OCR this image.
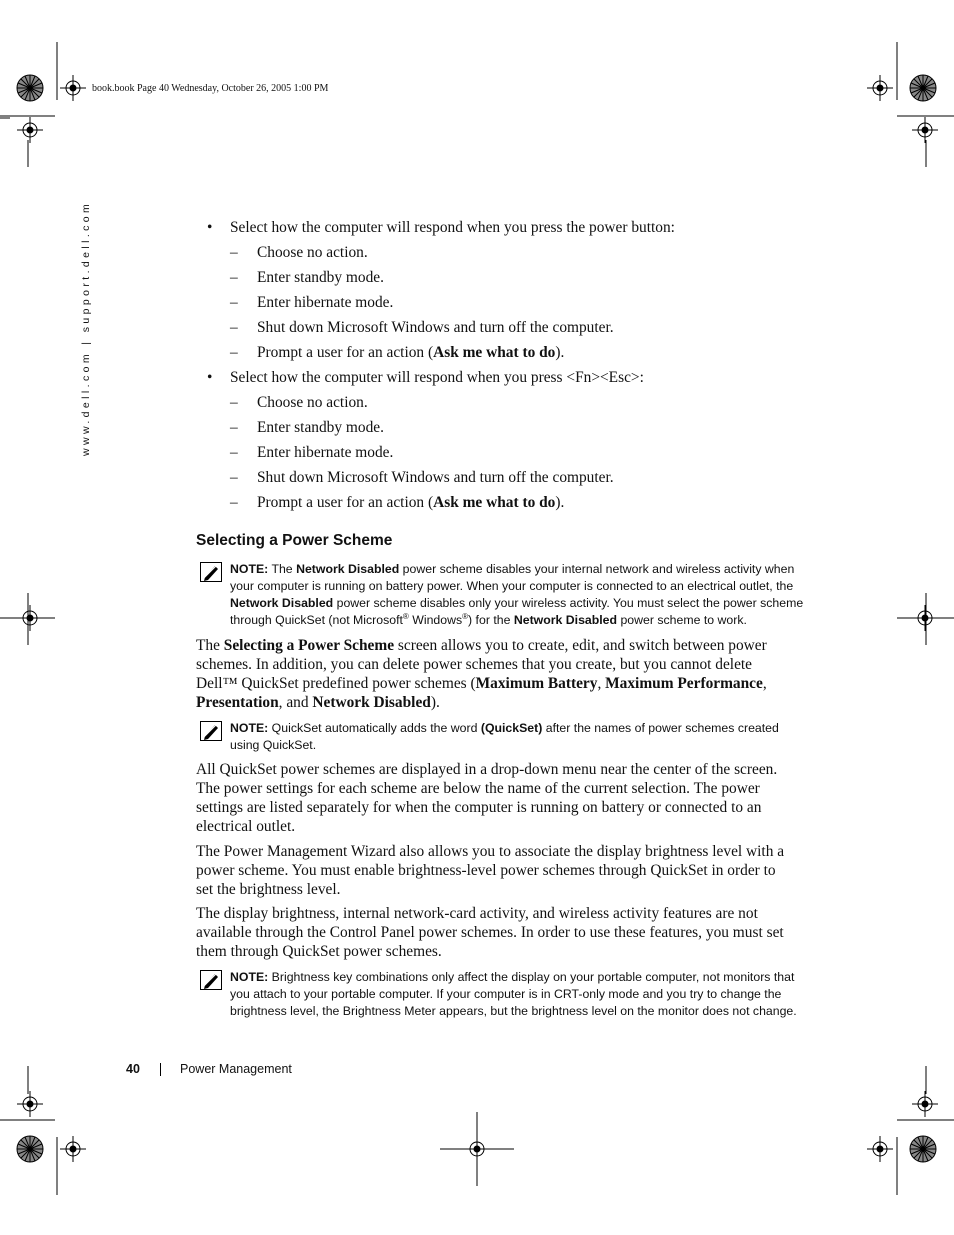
book.book Page 40 Wednesday, October 26, 2005 1:00 PM
www.dell.com | support.dell.com	• Select how the computer will respond when you press the power button:
– Choose no action.
– Enter standby mode.
– Enter hibernate mode.
– Shut down Microsoft Windows and turn off the computer.
– Prompt a user for an action (Ask me what to do).
• Select how the computer will respond when you press <Fn><Esc>:
– Choose no action.
– Enter standby mode.
– Enter hibernate mode.
– Shut down Microsoft Windows and turn off the computer.
– Prompt a user for an action (Ask me what to do).
Selecting a Power Scheme
NOTE: The Network Disabled power scheme disables your internal network and wireless activity when
your computer is running on battery power. When your computer is connected to an electrical outlet, the
Network Disabled power scheme disables only your wireless activity. You must select the power scheme
through QuickSet (not Microsoft® Windows®) for the Network Disabled power scheme to work.
The Selecting a Power Scheme screen allows you to create, edit, and switch between power
schemes. In addition, you can delete power schemes that you create, but you cannot delete
Dell™ QuickSet predefined power schemes (Maximum Battery, Maximum Performance,
Presentation, and Network Disabled).
NOTE: QuickSet automatically adds the word (QuickSet) after the names of power schemes created
using QuickSet.
All QuickSet power schemes are displayed in a drop-down menu near the center of the screen.
The power settings for each scheme are below the name of the current selection. The power
settings are listed separately for when the computer is running on battery or connected to an
electrical outlet.
The Power Management Wizard also allows you to associate the display brightness level with a
power scheme. You must enable brightness-level power schemes through QuickSet in order to
set the brightness level.
The display brightness, internal network-card activity, and wireless activity features are not
available through the Control Panel power schemes. In order to use these features, you must set
them through QuickSet power schemes.
NOTE: Brightness key combinations only affect the display on your portable computer, not monitors that
you attach to your portable computer. If your computer is in CRT-only mode and you try to change the
brightness level, the Brightness Meter appears, but the brightness level on the monitor does not change.
40	Power Management
